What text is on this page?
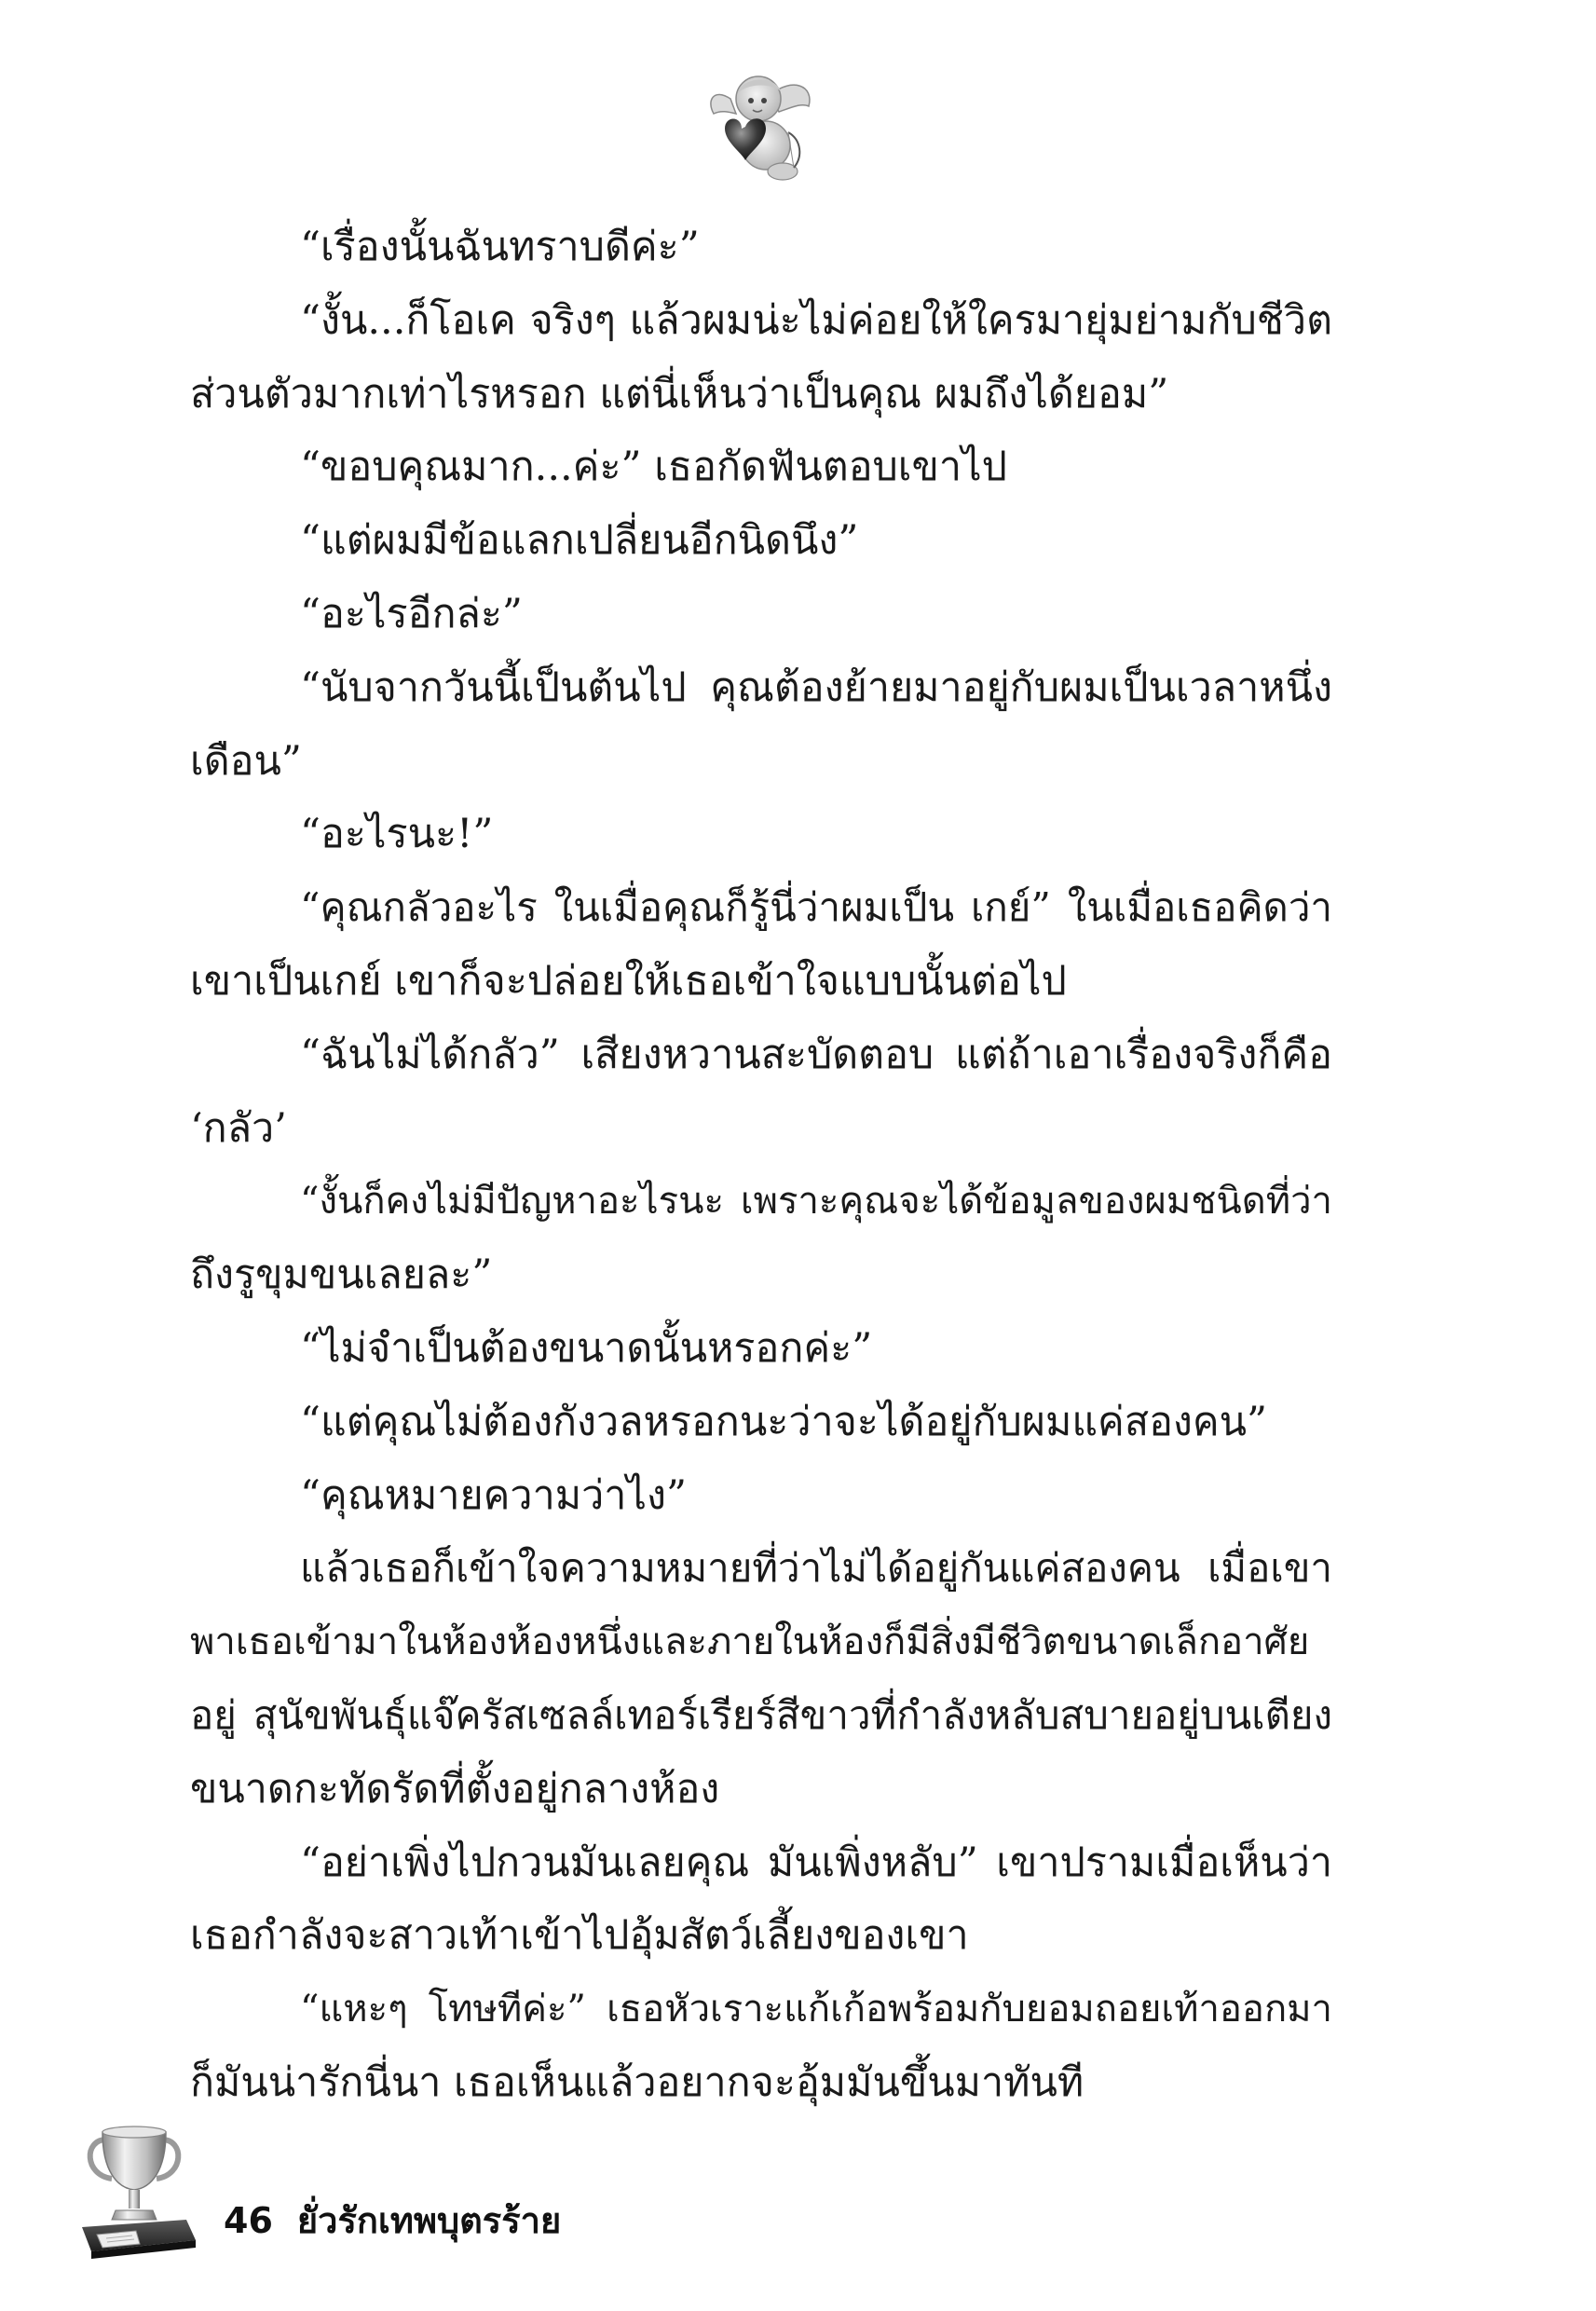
“เรื่องนั้นฉันทราบดีค่ะ”
“งั้น...ก็โอเค จริงๆ แล้วผมน่ะไม่ค่อยให้ใครมายุ่มย่ามกับชีวิต
ส่วนตัวมากเท่าไรหรอก แต่นี่เห็นว่าเป็นคุณ ผมถึงได้ยอม”
“ขอบคุณมาก...ค่ะ” เธอกัดฟันตอบเขาไป
“แต่ผมมีข้อแลกเปลี่ยนอีกนิดนึง”
“อะไรอีกล่ะ”
“นับจากวันนี้เป็นต้นไป คุณต้องย้ายมาอยู่กับผมเป็นเวลาหนึ่ง
เดือน”
“อะไรนะ!”
“คุณกลัวอะไร ในเมื่อคุณก็รู้นี่ว่าผมเป็น เกย์” ในเมื่อเธอคิดว่า
เขาเป็นเกย์ เขาก็จะปล่อยให้เธอเข้าใจแบบนั้นต่อไป
“ฉันไม่ได้กลัว” เสียงหวานสะบัดตอบ แต่ถ้าเอาเรื่องจริงก็คือ
‘กลัว’
“งั้นก็คงไม่มีปัญหาอะไรนะ เพราะคุณจะได้ข้อมูลของผมชนิดที่ว่า
ถึงรูขุมขนเลยละ”
“ไม่จำเป็นต้องขนาดนั้นหรอกค่ะ”
“แต่คุณไม่ต้องกังวลหรอกนะว่าจะได้อยู่กับผมแค่สองคน”
“คุณหมายความว่าไง”
แล้วเธอก็เข้าใจความหมายที่ว่าไม่ได้อยู่กันแค่สองคน เมื่อเขา
พาเธอเข้ามาในห้องห้องหนึ่งและภายในห้องก็มีสิ่งมีชีวิตขนาดเล็กอาศัย
อยู่ สุนัขพันธุ์แจ๊ครัสเซลล์เทอร์เรียร์สีขาวที่กำลังหลับสบายอยู่บนเตียง
ขนาดกะทัดรัดที่ตั้งอยู่กลางห้อง
“อย่าเพิ่งไปกวนมันเลยคุณ มันเพิ่งหลับ” เขาปรามเมื่อเห็นว่า
เธอกำลังจะสาวเท้าเข้าไปอุ้มสัตว์เลี้ยงของเขา
“แหะๆ โทษทีค่ะ” เธอหัวเราะแก้เก้อพร้อมกับยอมถอยเท้าออกมา
ก็มันน่ารักนี่นา เธอเห็นแล้วอยากจะอุ้มมันขึ้นมาทันที
46 ยั่วรักเทพบุตรร้าย
